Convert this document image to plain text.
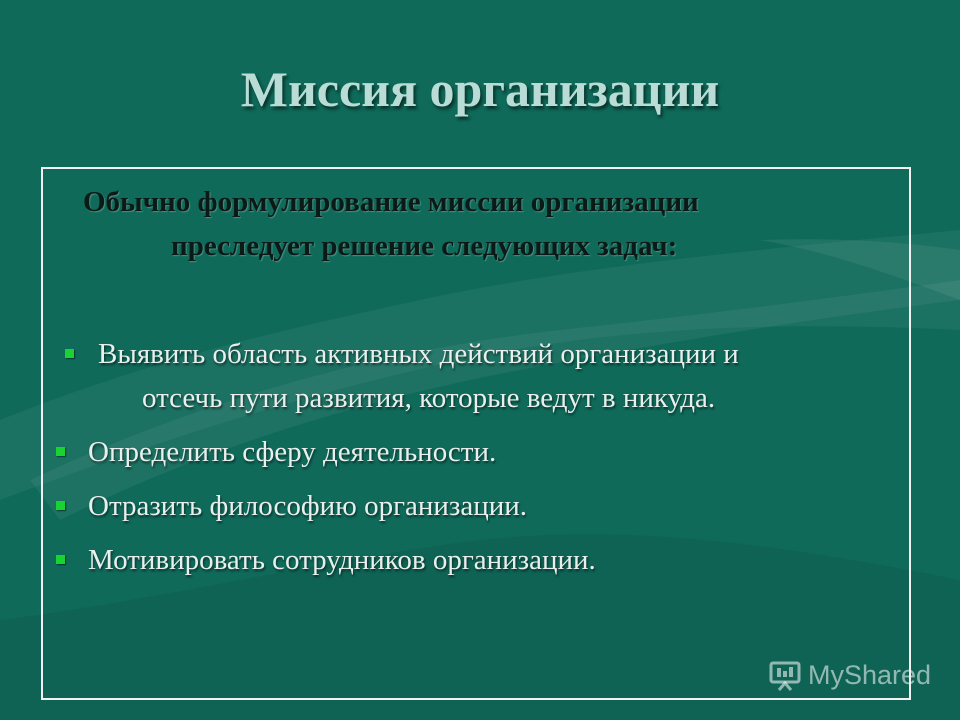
Миссия организации
Обычно формулирование миссии организации
преследует решение следующих задач:
Выявить область активных действий организации и
отсечь пути развития, которые ведут в никуда.
Определить сферу деятельности.
Отразить философию организации.
Мотивировать сотрудников организации.
MyShared
